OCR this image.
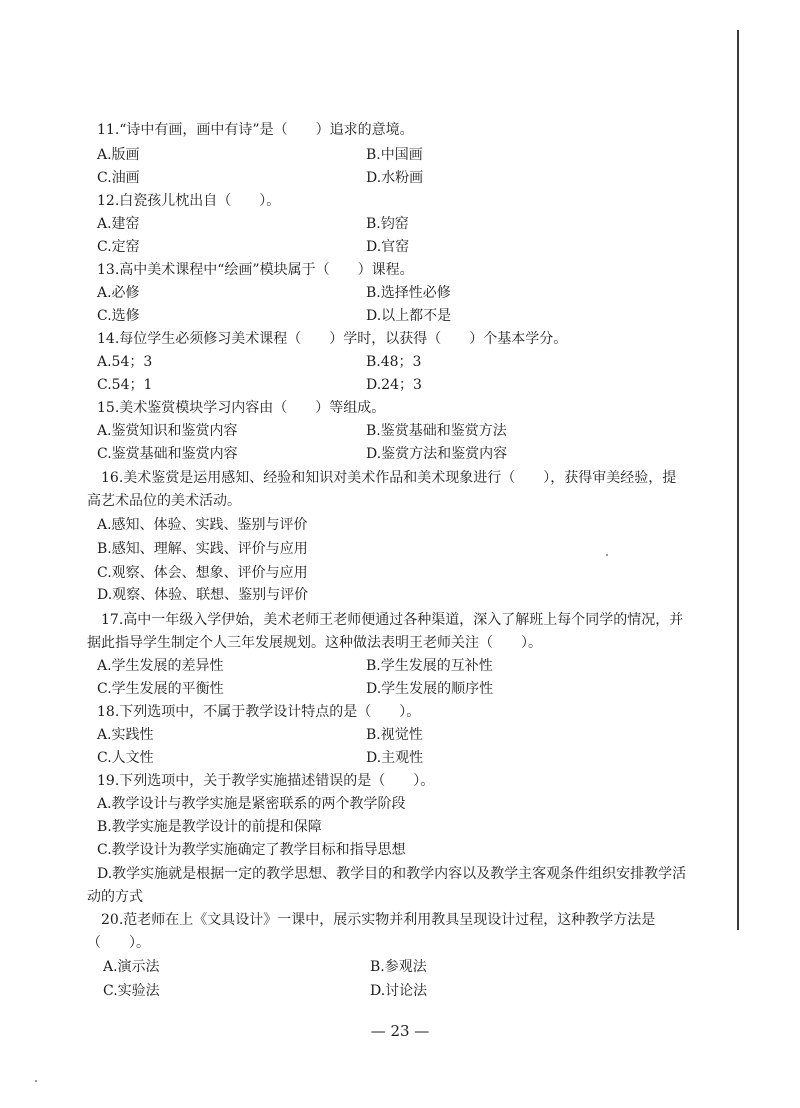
11.“诗中有画，画中有诗”是（　　）追求的意境。
A.版画	B.中国画
C.油画	D.水粉画
12.白瓷孩儿枕出自（　　）。
A.建窑	B.钧窑
C.定窑	D.官窑
13.高中美术课程中“绘画”模块属于（　　）课程。
A.必修	B.选择性必修
C.选修	D.以上都不是
14.每位学生必须修习美术课程（　　）学时，以获得（　　）个基本学分。
A.54；3	B.48；3
C.54；1	D.24；3
15.美术鉴赏模块学习内容由（　　）等组成。
A.鉴赏知识和鉴赏内容	B.鉴赏基础和鉴赏方法
C.鉴赏基础和鉴赏内容	D.鉴赏方法和鉴赏内容
16.美术鉴赏是运用感知、经验和知识对美术作品和美术现象进行（　　），获得审美经验，提高艺术品位的美术活动。
A.感知、体验、实践、鉴别与评价
B.感知、理解、实践、评价与应用
C.观察、体会、想象、评价与应用
D.观察、体验、联想、鉴别与评价
17.高中一年级入学伊始，美术老师王老师便通过各种渠道，深入了解班上每个同学的情况，并据此指导学生制定个人三年发展规划。这种做法表明王老师关注（　　）。
A.学生发展的差异性	B.学生发展的互补性
C.学生发展的平衡性	D.学生发展的顺序性
18.下列选项中，不属于教学设计特点的是（　　）。
A.实践性	B.视觉性
C.人文性	D.主观性
19.下列选项中，关于教学实施描述错误的是（　　）。
A.教学设计与教学实施是紧密联系的两个教学阶段
B.教学实施是教学设计的前提和保障
C.教学设计为教学实施确定了教学目标和指导思想
D.教学实施就是根据一定的教学思想、教学目的和教学内容以及教学主客观条件组织安排教学活动的方式
20.范老师在上《文具设计》一课中，展示实物并利用教具呈现设计过程，这种教学方法是（　　）。
A.演示法	B.参观法
C.实验法	D.讨论法
— 23 —
